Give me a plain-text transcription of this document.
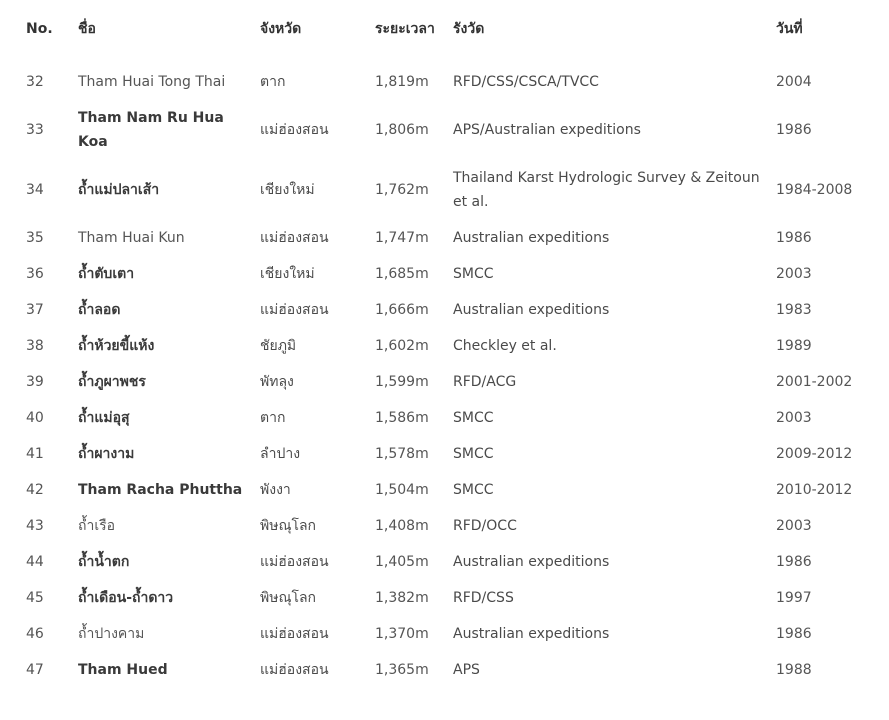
No.	ชื่อ	จังหวัด	ระยะเวลา	รังวัด	วันที่
32	Tham Huai Tong Thai	ตาก	1,819m	RFD/CSS/CSCA/TVCC	2004
33	Tham Nam Ru Hua Koa	แม่ฮ่องสอน	1,806m	APS/Australian expeditions	1986
34	ถ้ำแม่ปลาเส้า	เชียงใหม่	1,762m	Thailand Karst Hydrologic Survey & Zeitoun et al.	1984-2008
35	Tham Huai Kun	แม่ฮ่องสอน	1,747m	Australian expeditions	1986
36	ถ้ำตับเตา	เชียงใหม่	1,685m	SMCC	2003
37	ถ้ำลอด	แม่ฮ่องสอน	1,666m	Australian expeditions	1983
38	ถ้ำห้วยขี้แห้ง	ชัยภูมิ	1,602m	Checkley et al.	1989
39	ถ้ำภูผาพชร	พัทลุง	1,599m	RFD/ACG	2001-2002
40	ถ้ำแม่อุสุ	ตาก	1,586m	SMCC	2003
41	ถ้ำผางาม	ลำปาง	1,578m	SMCC	2009-2012
42	Tham Racha Phuttha	พังงา	1,504m	SMCC	2010-2012
43	ถ้ำเรือ	พิษณุโลก	1,408m	RFD/OCC	2003
44	ถ้ำน้ำตก	แม่ฮ่องสอน	1,405m	Australian expeditions	1986
45	ถ้ำเดือน-ถ้ำดาว	พิษณุโลก	1,382m	RFD/CSS	1997
46	ถ้ำปางคาม	แม่ฮ่องสอน	1,370m	Australian expeditions	1986
47	Tham Hued	แม่ฮ่องสอน	1,365m	APS	1988
